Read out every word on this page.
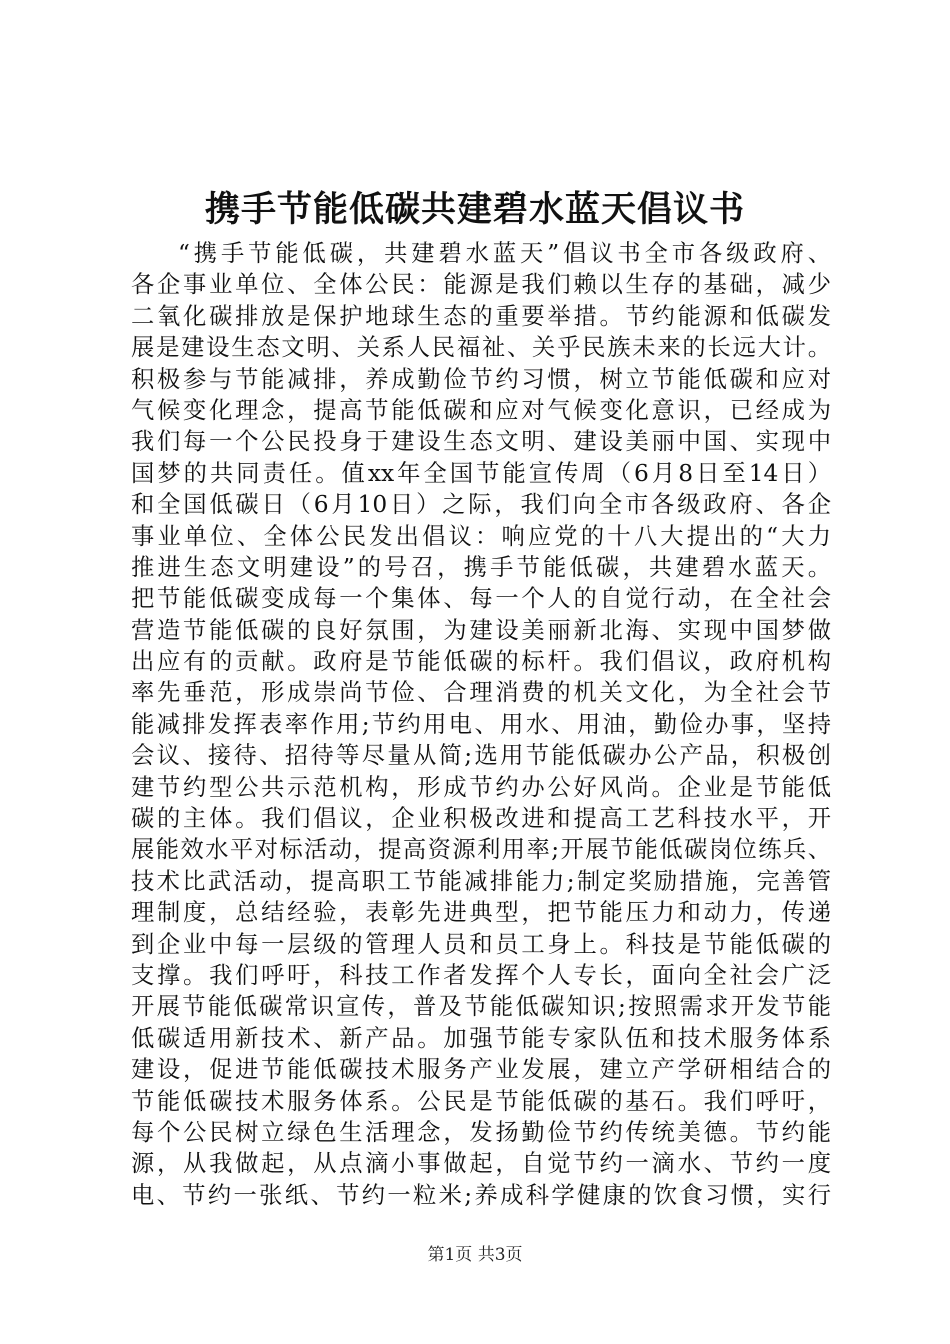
携手节能低碳共建碧水蓝天倡议书
“携手节能低碳，共建碧水蓝天”倡议书全市各级政府、
各企事业单位、全体公民：能源是我们赖以生存的基础，减少
二氧化碳排放是保护地球生态的重要举措。节约能源和低碳发
展是建设生态文明、关系人民福祉、关乎民族未来的长远大计。
积极参与节能减排，养成勤俭节约习惯，树立节能低碳和应对
气候变化理念，提高节能低碳和应对气候变化意识，已经成为
我们每一个公民投身于建设生态文明、建设美丽中国、实现中
国梦的共同责任。值xx年全国节能宣传周（6月8日至14日）
和全国低碳日（6月10日）之际，我们向全市各级政府、各企
事业单位、全体公民发出倡议：响应党的十八大提出的“大力
推进生态文明建设”的号召，携手节能低碳，共建碧水蓝天。
把节能低碳变成每一个集体、每一个人的自觉行动，在全社会
营造节能低碳的良好氛围，为建设美丽新北海、实现中国梦做
出应有的贡献。政府是节能低碳的标杆。我们倡议，政府机构
率先垂范，形成崇尚节俭、合理消费的机关文化，为全社会节
能减排发挥表率作用;节约用电、用水、用油，勤俭办事，坚持
会议、接待、招待等尽量从简;选用节能低碳办公产品，积极创
建节约型公共示范机构，形成节约办公好风尚。企业是节能低
碳的主体。我们倡议，企业积极改进和提高工艺科技水平，开
展能效水平对标活动，提高资源利用率;开展节能低碳岗位练兵、
技术比武活动，提高职工节能减排能力;制定奖励措施，完善管
理制度，总结经验，表彰先进典型，把节能压力和动力，传递
到企业中每一层级的管理人员和员工身上。科技是节能低碳的
支撑。我们呼吁，科技工作者发挥个人专长，面向全社会广泛
开展节能低碳常识宣传，普及节能低碳知识;按照需求开发节能
低碳适用新技术、新产品。加强节能专家队伍和技术服务体系
建设，促进节能低碳技术服务产业发展，建立产学研相结合的
节能低碳技术服务体系。公民是节能低碳的基石。我们呼吁，
每个公民树立绿色生活理念，发扬勤俭节约传统美德。节约能
源，从我做起，从点滴小事做起，自觉节约一滴水、节约一度
电、节约一张纸、节约一粒米;养成科学健康的饮食习惯，实行
第1页 共3页
